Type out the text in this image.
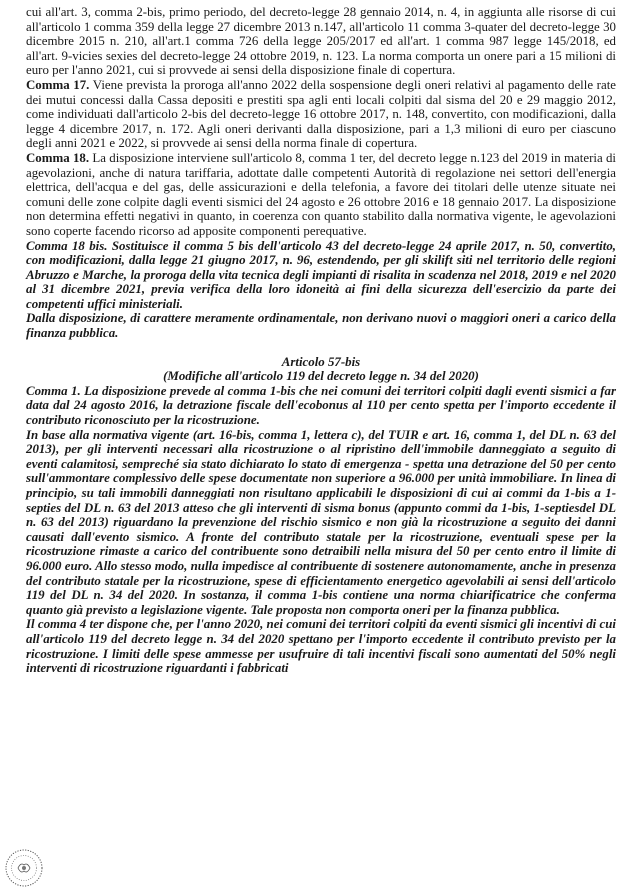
cui all'art. 3, comma 2-bis, primo periodo, del decreto-legge 28 gennaio 2014, n. 4, in aggiunta alle risorse di cui all'articolo 1 comma 359 della legge 27 dicembre 2013 n.147, all'articolo 11 comma 3-quater del decreto-legge 30 dicembre 2015 n. 210, all'art.1 comma 726 della legge 205/2017 ed all'art. 1 comma 987 legge 145/2018, ed all'art. 9-vicies sexies del decreto-legge 24 ottobre 2019, n. 123. La norma comporta un onere pari a 15 milioni di euro per l'anno 2021, cui si provvede ai sensi della disposizione finale di copertura.

Comma 17. Viene prevista la proroga all'anno 2022 della sospensione degli oneri relativi al pagamento delle rate dei mutui concessi dalla Cassa depositi e prestiti spa agli enti locali colpiti dal sisma del 20 e 29 maggio 2012, come individuati dall'articolo 2-bis del decreto-legge 16 ottobre 2017, n. 148, convertito, con modificazioni, dalla legge 4 dicembre 2017, n. 172. Agli oneri derivanti dalla disposizione, pari a 1,3 milioni di euro per ciascuno degli anni 2021 e 2022, si provvede ai sensi della norma finale di copertura.

Comma 18. La disposizione interviene sull'articolo 8, comma 1 ter, del decreto legge n.123 del 2019 in materia di agevolazioni, anche di natura tariffaria, adottate dalle competenti Autorità di regolazione nei settori dell'energia elettrica, dell'acqua e del gas, delle assicurazioni e della telefonia, a favore dei titolari delle utenze situate nei comuni delle zone colpite dagli eventi sismici del 24 agosto e 26 ottobre 2016 e 18 gennaio 2017. La disposizione non determina effetti negativi in quanto, in coerenza con quanto stabilito dalla normativa vigente, le agevolazioni sono coperte facendo ricorso ad apposite componenti perequative.

Comma 18 bis. Sostituisce il comma 5 bis dell'articolo 43 del decreto-legge 24 aprile 2017, n. 50, convertito, con modificazioni, dalla legge 21 giugno 2017, n. 96, estendendo, per gli skilift siti nel territorio delle regioni Abruzzo e Marche, la proroga della vita tecnica degli impianti di risalita in scadenza nel 2018, 2019 e nel 2020 al 31 dicembre 2021, previa verifica della loro idoneità ai fini della sicurezza dell'esercizio da parte dei competenti uffici ministeriali.

Dalla disposizione, di carattere meramente ordinamentale, non derivano nuovi o maggiori oneri a carico della finanza pubblica.

Articolo 57-bis
(Modifiche all'articolo 119 del decreto legge n. 34 del 2020)

Comma 1. La disposizione prevede al comma 1-bis che nei comuni dei territori colpiti dagli eventi sismici a far data dal 24 agosto 2016, la detrazione fiscale dell'ecobonus al 110 per cento spetta per l'importo eccedente il contributo riconosciuto per la ricostruzione.

In base alla normativa vigente (art. 16-bis, comma 1, lettera c), del TUIR e art. 16, comma 1, del DL n. 63 del 2013), per gli interventi necessari alla ricostruzione o al ripristino dell'immobile danneggiato a seguito di eventi calamitosi, sempreché sia stato dichiarato lo stato di emergenza - spetta una detrazione del 50 per cento sull'ammontare complessivo delle spese documentate non superiore a 96.000 per unità immobiliare. In linea di principio, su tali immobili danneggiati non risultano applicabili le disposizioni di cui ai commi da 1-bis a 1-septies del DL n. 63 del 2013 atteso che gli interventi di sisma bonus (appunto commi da 1-bis, 1-septiesdel DL n. 63 del 2013) riguardano la prevenzione del rischio sismico e non già la ricostruzione a seguito dei danni causati dall'evento sismico. A fronte del contributo statale per la ricostruzione, eventuali spese per la ricostruzione rimaste a carico del contribuente sono detraibili nella misura del 50 per cento entro il limite di 96.000 euro. Allo stesso modo, nulla impedisce al contribuente di sostenere autonomamente, anche in presenza del contributo statale per la ricostruzione, spese di efficientamento energetico agevolabili ai sensi dell'articolo 119 del DL n. 34 del 2020. In sostanza, il comma 1-bis contiene una norma chiarificatrice che conferma quanto già previsto a legislazione vigente. Tale proposta non comporta oneri per la finanza pubblica.

Il comma 4 ter dispone che, per l'anno 2020, nei comuni dei territori colpiti da eventi sismici gli incentivi di cui all'articolo 119 del decreto legge n. 34 del 2020 spettano per l'importo eccedente il contributo previsto per la ricostruzione. I limiti delle spese ammesse per usufruire di tali incentivi fiscali sono aumentati del 50% negli interventi di ricostruzione riguardanti i fabbricati
